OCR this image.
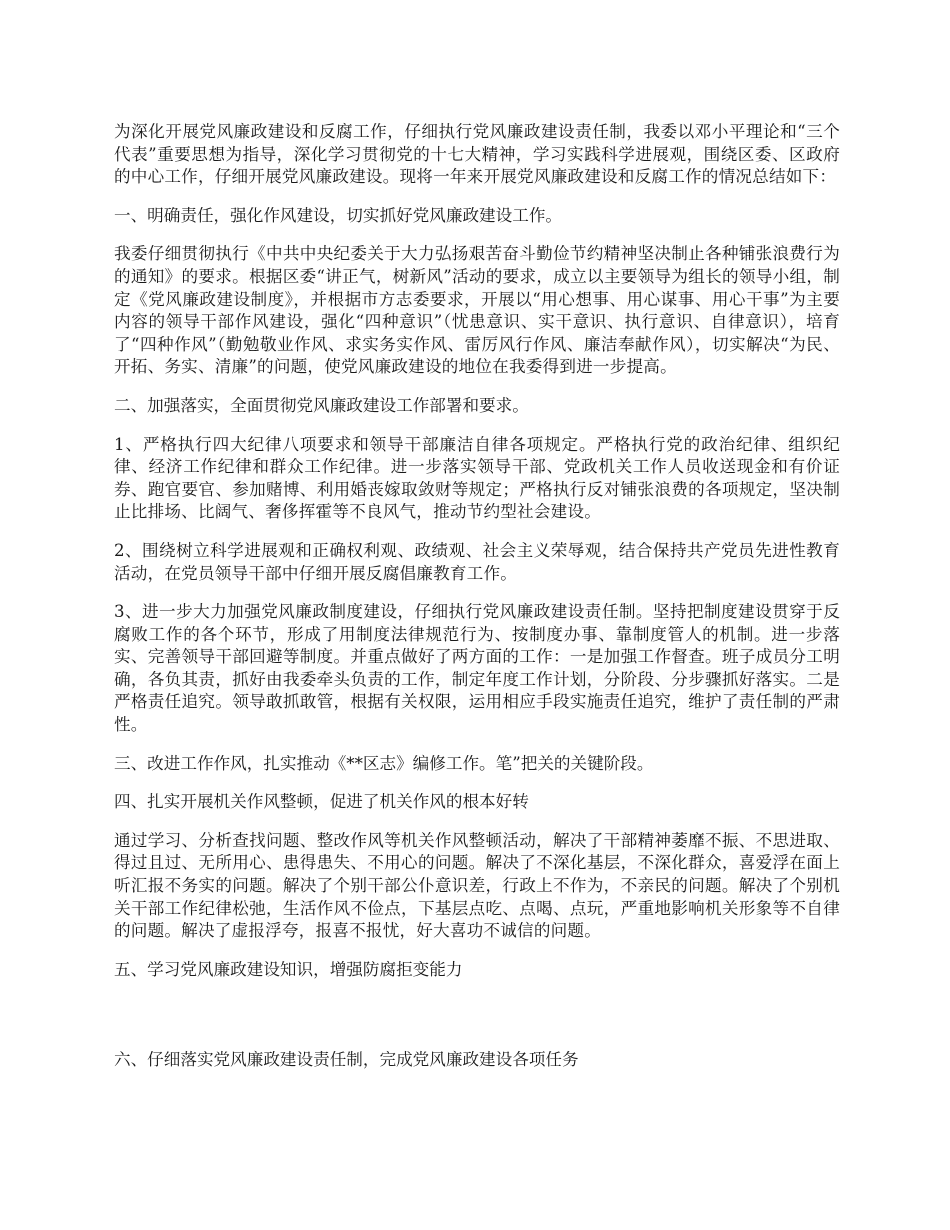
为深化开展党风廉政建设和反腐工作，仔细执行党风廉政建设责任制，我委以邓小平理论和“三个代表”重要思想为指导，深化学习贯彻党的十七大精神，学习实践科学进展观，围绕区委、区政府的中心工作，仔细开展党风廉政建设。现将一年来开展党风廉政建设和反腐工作的情况总结如下：

一、明确责任，强化作风建设，切实抓好党风廉政建设工作。

我委仔细贯彻执行《中共中央纪委关于大力弘扬艰苦奋斗勤俭节约精神坚决制止各种铺张浪费行为的通知》的要求。根据区委“讲正气，树新风”活动的要求，成立以主要领导为组长的领导小组，制定《党风廉政建设制度》，并根据市方志委要求，开展以“用心想事、用心谋事、用心干事”为主要内容的领导干部作风建设，强化“四种意识”（忧患意识、实干意识、执行意识、自律意识），培育了“四种作风”（勤勉敬业作风、求实务实作风、雷厉风行作风、廉洁奉献作风），切实解决“为民、开拓、务实、清廉”的问题，使党风廉政建设的地位在我委得到进一步提高。

二、加强落实，全面贯彻党风廉政建设工作部署和要求。

1、严格执行四大纪律八项要求和领导干部廉洁自律各项规定。严格执行党的政治纪律、组织纪律、经济工作纪律和群众工作纪律。进一步落实领导干部、党政机关工作人员收送现金和有价证券、跑官要官、参加赌博、利用婚丧嫁取敛财等规定；严格执行反对铺张浪费的各项规定，坚决制止比排场、比阔气、奢侈挥霍等不良风气，推动节约型社会建设。

2、围绕树立科学进展观和正确权利观、政绩观、社会主义荣辱观，结合保持共产党员先进性教育活动，在党员领导干部中仔细开展反腐倡廉教育工作。

3、进一步大力加强党风廉政制度建设，仔细执行党风廉政建设责任制。坚持把制度建设贯穿于反腐败工作的各个环节，形成了用制度法律规范行为、按制度办事、靠制度管人的机制。进一步落实、完善领导干部回避等制度。并重点做好了两方面的工作：一是加强工作督查。班子成员分工明确，各负其责，抓好由我委牵头负责的工作，制定年度工作计划，分阶段、分步骤抓好落实。二是严格责任追究。领导敢抓敢管，根据有关权限，运用相应手段实施责任追究，维护了责任制的严肃性。

三、改进工作作风，扎实推动《**区志》编修工作。笔”把关的关键阶段。

四、扎实开展机关作风整顿，促进了机关作风的根本好转

通过学习、分析查找问题、整改作风等机关作风整顿活动，解决了干部精神萎靡不振、不思进取、得过且过、无所用心、患得患失、不用心的问题。解决了不深化基层，不深化群众，喜爱浮在面上听汇报不务实的问题。解决了个别干部公仆意识差，行政上不作为，不亲民的问题。解决了个别机关干部工作纪律松弛，生活作风不俭点，下基层点吃、点喝、点玩，严重地影响机关形象等不自律的问题。解决了虚报浮夸，报喜不报忧，好大喜功不诚信的问题。

五、学习党风廉政建设知识，增强防腐拒变能力

六、仔细落实党风廉政建设责任制，完成党风廉政建设各项任务
